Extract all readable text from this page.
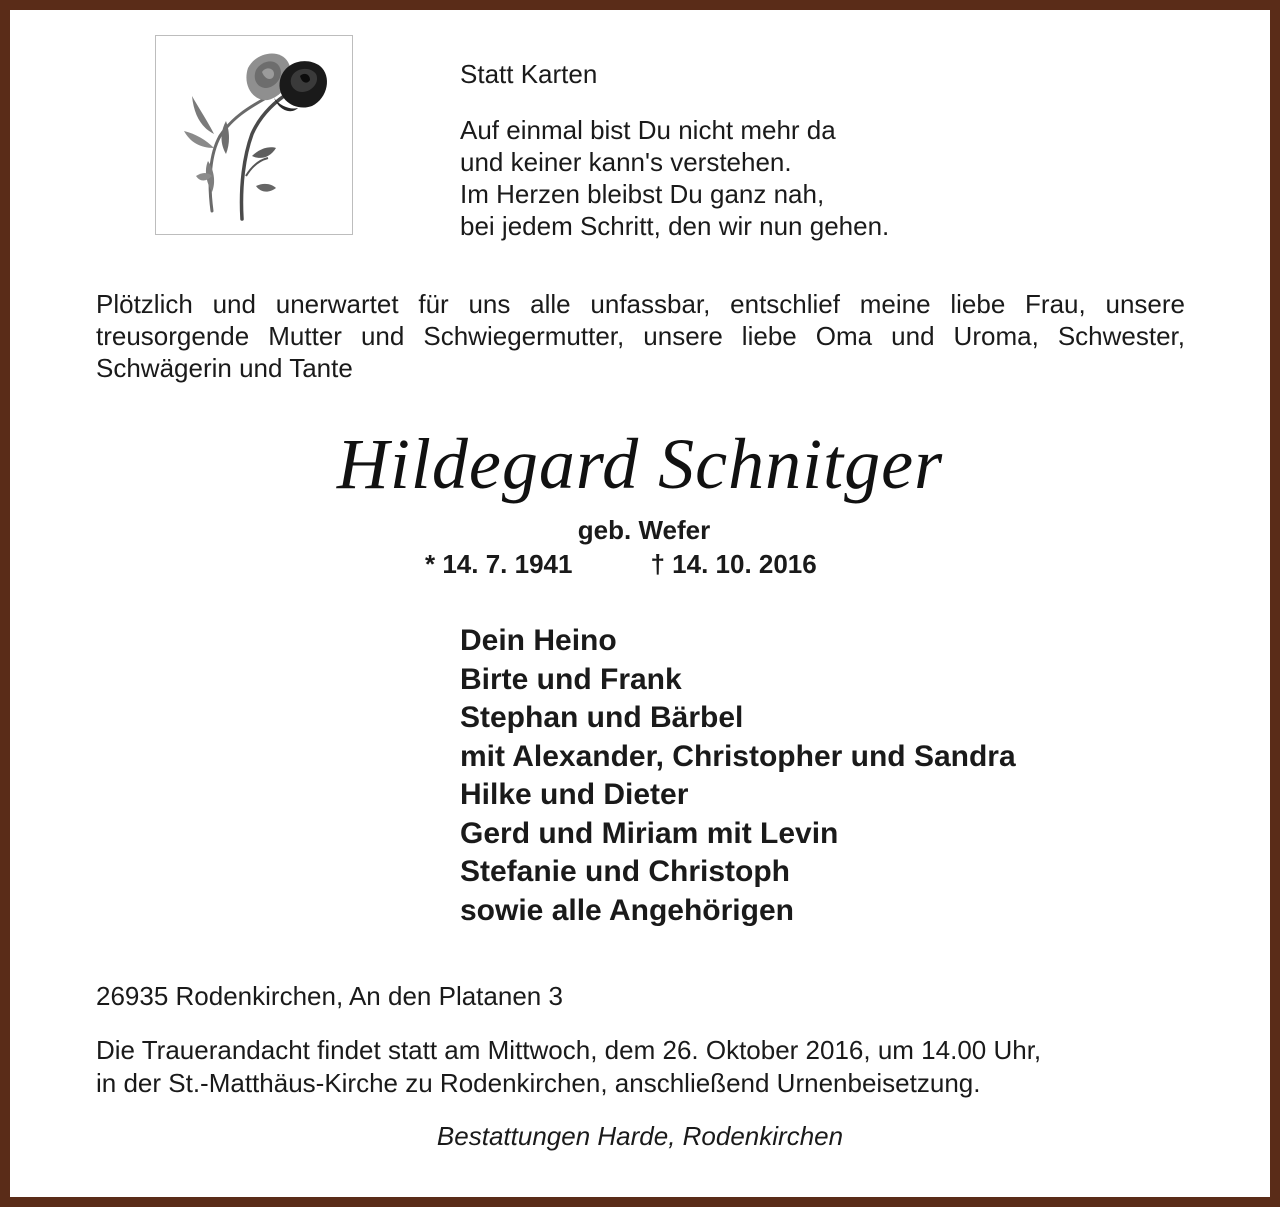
Statt Karten

Auf einmal bist Du nicht mehr da
und keiner kann's verstehen.
Im Herzen bleibst Du ganz nah,
bei jedem Schritt, den wir nun gehen.

Plötzlich und unerwartet für uns alle unfassbar, entschlief meine liebe Frau, unsere treusorgende Mutter und Schwiegermutter, unsere liebe Oma und Uroma, Schwester, Schwägerin und Tante

Hildegard Schnitger

geb. Wefer

* 14. 7. 1941	† 14. 10. 2016

Dein Heino
Birte und Frank
Stephan und Bärbel
mit Alexander, Christopher und Sandra
Hilke und Dieter
Gerd und Miriam mit Levin
Stefanie und Christoph
sowie alle Angehörigen

26935 Rodenkirchen, An den Platanen 3

Die Trauerandacht findet statt am Mittwoch, dem 26. Oktober 2016, um 14.00 Uhr,
in der St.-Matthäus-Kirche zu Rodenkirchen, anschließend Urnenbeisetzung.

Bestattungen Harde, Rodenkirchen
